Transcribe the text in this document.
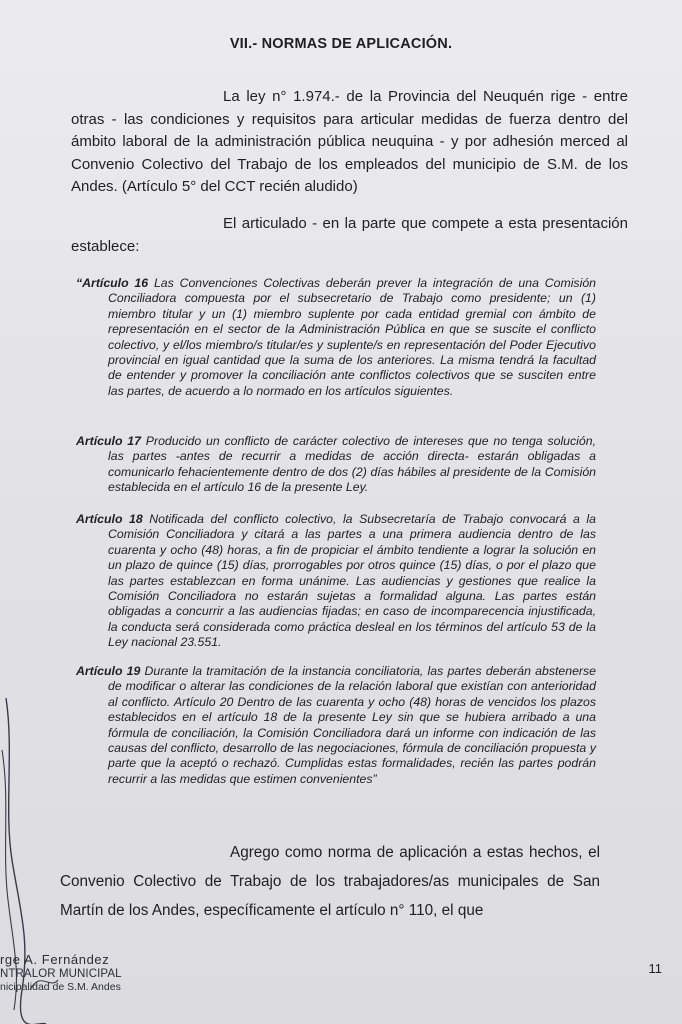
VII.- NORMAS DE APLICACIÓN.
La ley n° 1.974.- de la Provincia del Neuquén rige - entre otras - las condiciones y requisitos para articular medidas de fuerza dentro del ámbito laboral de la administración pública neuquina - y por adhesión merced al Convenio Colectivo del Trabajo de los empleados del municipio de S.M. de los Andes. (Artículo 5° del CCT recién aludido)
El articulado - en la parte que compete a esta presentación establece:
“Artículo 16 Las Convenciones Colectivas deberán prever la integración de una Comisión Conciliadora compuesta por el subsecretario de Trabajo como presidente; un (1) miembro titular y un (1) miembro suplente por cada entidad gremial con ámbito de representación en el sector de la Administración Pública en que se suscite el conflicto colectivo, y el/los miembro/s titular/es y suplente/s en representación del Poder Ejecutivo provincial en igual cantidad que la suma de los anteriores. La misma tendrá la facultad de entender y promover la conciliación ante conflictos colectivos que se susciten entre las partes, de acuerdo a lo normado en los artículos siguientes.
Artículo 17 Producido un conflicto de carácter colectivo de intereses que no tenga solución, las partes -antes de recurrir a medidas de acción directa- estarán obligadas a comunicarlo fehacientemente dentro de dos (2) días hábiles al presidente de la Comisión establecida en el artículo 16 de la presente Ley.
Artículo 18 Notificada del conflicto colectivo, la Subsecretaría de Trabajo convocará a la Comisión Conciliadora y citará a las partes a una primera audiencia dentro de las cuarenta y ocho (48) horas, a fin de propiciar el ámbito tendiente a lograr la solución en un plazo de quince (15) días, prorrogables por otros quince (15) días, o por el plazo que las partes establezcan en forma unánime. Las audiencias y gestiones que realice la Comisión Conciliadora no estarán sujetas a formalidad alguna. Las partes están obligadas a concurrir a las audiencias fijadas; en caso de incomparecencia injustificada, la conducta será considerada como práctica desleal en los términos del artículo 53 de la Ley nacional 23.551.
Artículo 19 Durante la tramitación de la instancia conciliatoria, las partes deberán abstenerse de modificar o alterar las condiciones de la relación laboral que existían con anterioridad al conflicto. Artículo 20 Dentro de las cuarenta y ocho (48) horas de vencidos los plazos establecidos en el artículo 18 de la presente Ley sin que se hubiera arribado a una fórmula de conciliación, la Comisión Conciliadora dará un informe con indicación de las causas del conflicto, desarrollo de las negociaciones, fórmula de conciliación propuesta y parte que la aceptó o rechazó. Cumplidas estas formalidades, recién las partes podrán recurrir a las medidas que estimen convenientes”
Agrego como norma de aplicación a estas hechos, el Convenio Colectivo de Trabajo de los trabajadores/as municipales de San Martín de los Andes, específicamente el artículo n° 110, el que
rge A. Fernández
NTRALOR MUNICIPAL
nicipalidad de S.M. Andes
11
